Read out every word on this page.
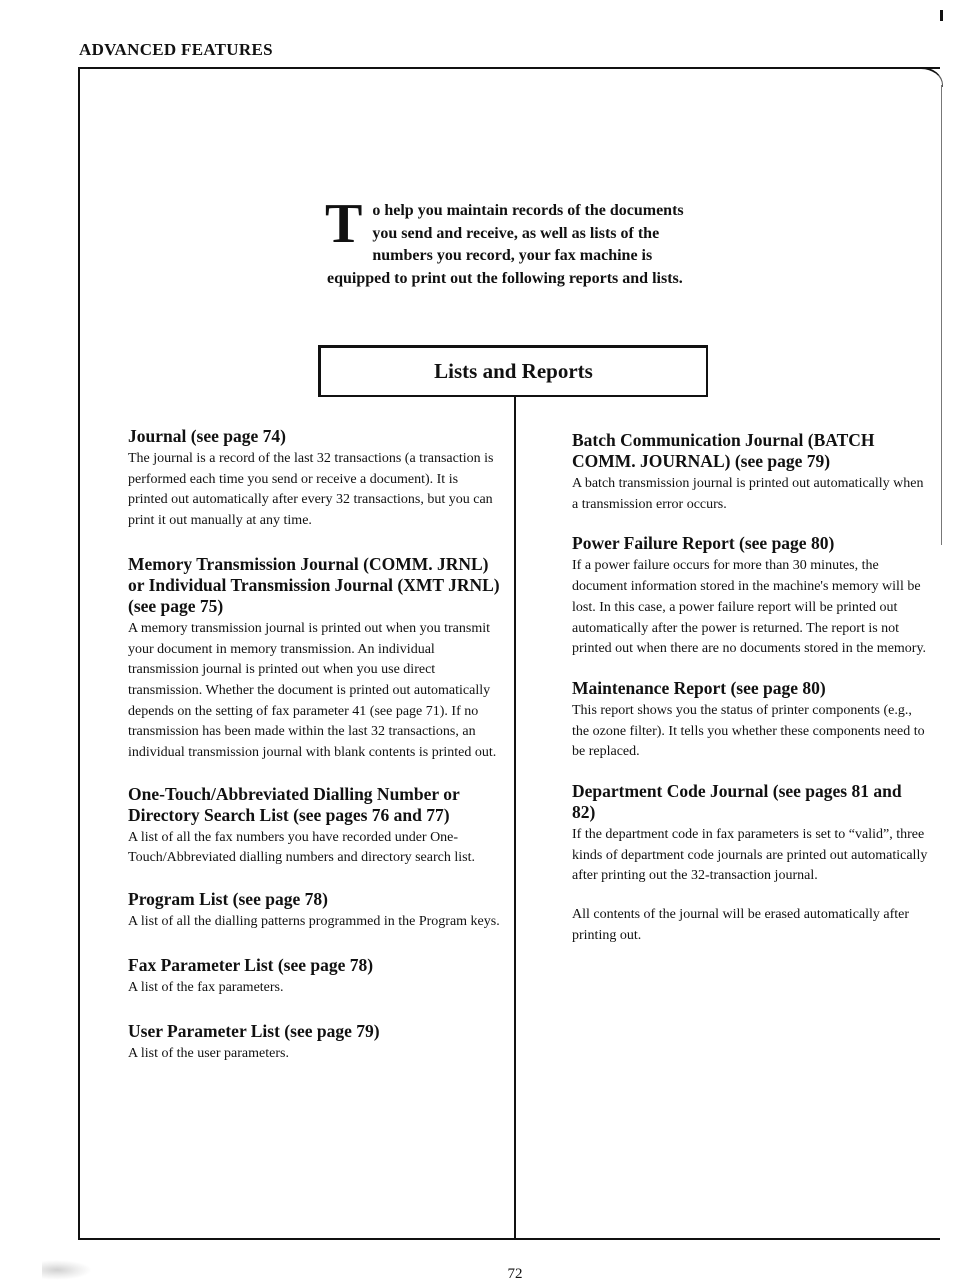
ADVANCED FEATURES
T o help you maintain records of the documents you send and receive, as well as lists of the numbers you record, your fax machine is equipped to print out the following reports and lists.
Lists and Reports
Journal (see page 74)

The journal is a record of the last 32 transactions (a transaction is performed each time you send or receive a document). It is printed out automatically after every 32 transactions, but you can print it out manually at any time.

Memory Transmission Journal (COMM. JRNL) or Individual Transmission Journal (XMT JRNL) (see page 75)

A memory transmission journal is printed out when you transmit your document in memory transmission. An individual transmission journal is printed out when you use direct transmission. Whether the document is printed out automatically depends on the setting of fax parameter 41 (see page 71). If no transmission has been made within the last 32 transactions, an individual transmission journal with blank contents is printed out.

One-Touch/Abbreviated Dialling Number or Directory Search List (see pages 76 and 77)

A list of all the fax numbers you have recorded under One-Touch/Abbreviated dialling numbers and directory search list.

Program List (see page 78)

A list of all the dialling patterns programmed in the Program keys.

Fax Parameter List (see page 78)

A list of the fax parameters.

User Parameter List (see page 79)

A list of the user parameters.

Batch Communication Journal (BATCH COMM. JOURNAL) (see page 79)

A batch transmission journal is printed out automatically when a transmission error occurs.

Power Failure Report (see page 80)

If a power failure occurs for more than 30 minutes, the document information stored in the machine's memory will be lost. In this case, a power failure report will be printed out automatically after the power is returned. The report is not printed out when there are no documents stored in the memory.

Maintenance Report (see page 80)

This report shows you the status of printer components (e.g., the ozone filter). It tells you whether these components need to be replaced.

Department Code Journal (see pages 81 and 82)

If the department code in fax parameters is set to “valid”, three kinds of department code journals are printed out automatically after printing out the 32-transaction journal.

All contents of the journal will be erased automatically after printing out.

72
